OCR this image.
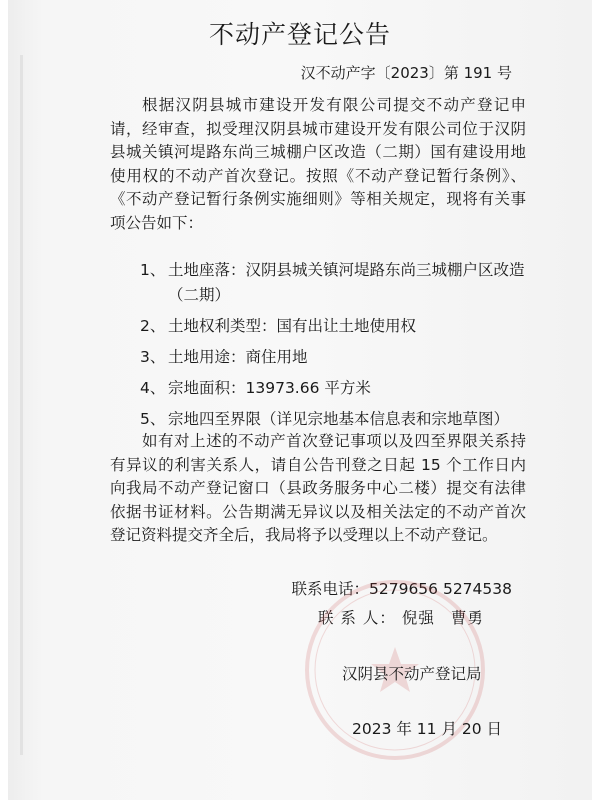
不动产登记公告
汉不动产字〔2023〕第 191 号

根据汉阴县城市建设开发有限公司提交不动产登记申请，经审查，拟受理汉阴县城市建设开发有限公司位于汉阴县城关镇河堤路东尚三城棚户区改造（二期）国有建设用地使用权的不动产首次登记。按照《不动产登记暂行条例》、《不动产登记暂行条例实施细则》等相关规定，现将有关事项公告如下：

1、 土地座落：汉阴县城关镇河堤路东尚三城棚户区改造（二期）
2、 土地权利类型：国有出让土地使用权
3、 土地用途：商住用地
4、 宗地面积：13973.66 平方米
5、 宗地四至界限（详见宗地基本信息表和宗地草图）
如有对上述的不动产首次登记事项以及四至界限关系持有异议的利害关系人，请自公告刊登之日起 15 个工作日内向我局不动产登记窗口（县政务服务中心二楼）提交有法律依据书证材料。公告期满无异议以及相关法定的不动产首次登记资料提交齐全后，我局将予以受理以上不动产登记。
联系电话：5279656 5274538
联 系 人： 倪强 曹勇
汉阴县不动产登记局
2023 年 11 月 20 日
